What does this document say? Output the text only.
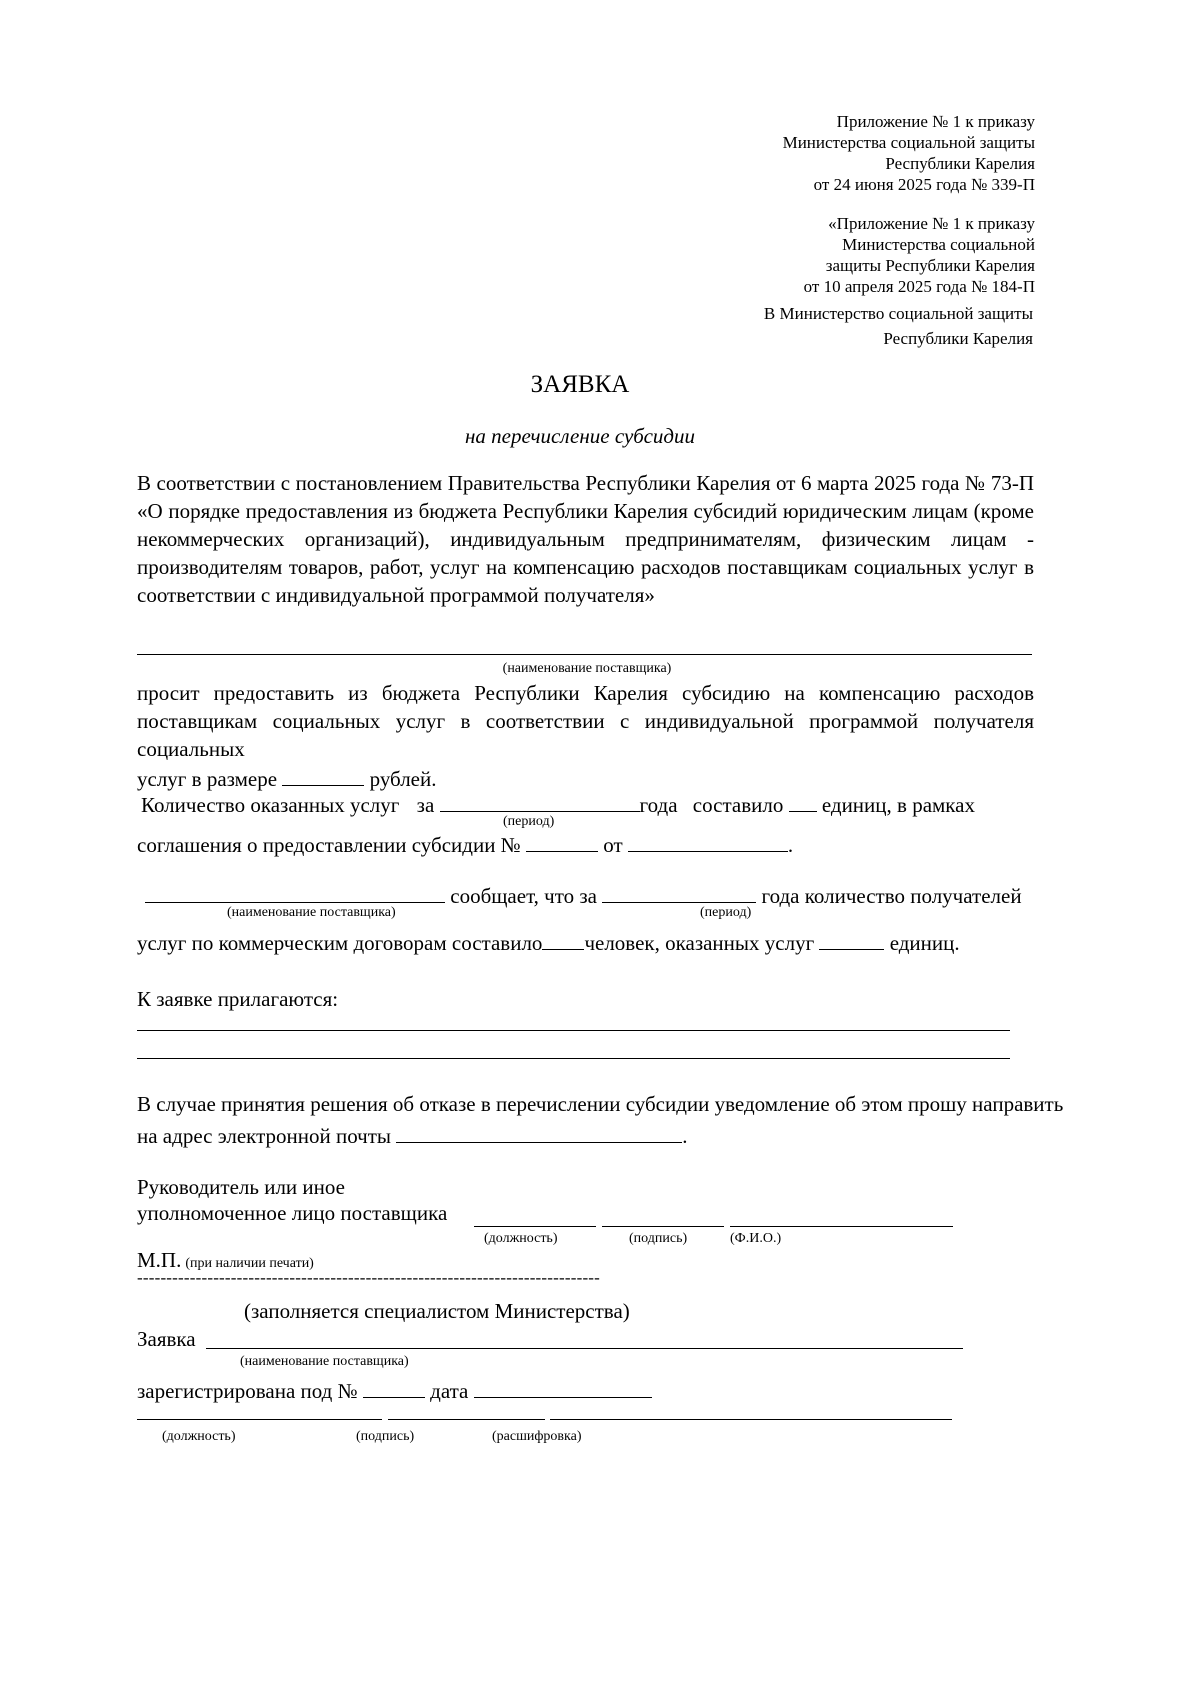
Приложение № 1 к приказу
Министерства социальной защиты
Республики Карелия
от 24 июня 2025 года № 339-П
«Приложение № 1 к приказу
Министерства социальной
защиты Республики Карелия
от 10 апреля 2025 года № 184-П
В Министерство социальной защиты
Республики Карелия
ЗАЯВКА
на перечисление субсидии
В соответствии с постановлением Правительства Республики Карелия от 6 марта 2025 года № 73-П
«О порядке предоставления из бюджета Республики Карелия субсидий юридическим лицам (кроме
некоммерческих организаций), индивидуальным предпринимателям, физическим лицам -
производителям товаров, работ, услуг на компенсацию расходов поставщикам социальных услуг в
соответствии с индивидуальной программой получателя»
(наименование поставщика)
просит предоставить из бюджета Республики Карелия субсидию на компенсацию расходов
поставщикам социальных услуг в соответствии с индивидуальной программой получателя социальных
услуг в размере	рублей.
Количество оказанных услуг за	года составило единиц, в рамках
(период)
соглашения о предоставлении субсидии №	от	.
сообщает, что за	года количество получателей
(наименование поставщика)	(период)
услуг по коммерческим договорам составило человек, оказанных услуг	единиц.
К заявке прилагаются:
В случае принятия решения об отказе в перечислении субсидии уведомление об этом прошу направить
на адрес электронной почты	.
Руководитель или иное
уполномоченное лицо поставщика
(должность)	(подпись)	(Ф.И.О.)
М.П. (при наличии печати)
-------------------------------------------------------------------------------
(заполняется специалистом Министерства)
Заявка
(наименование поставщика)
зарегистрирована под №	дата
(должность)	(подпись)	(расшифровка)
